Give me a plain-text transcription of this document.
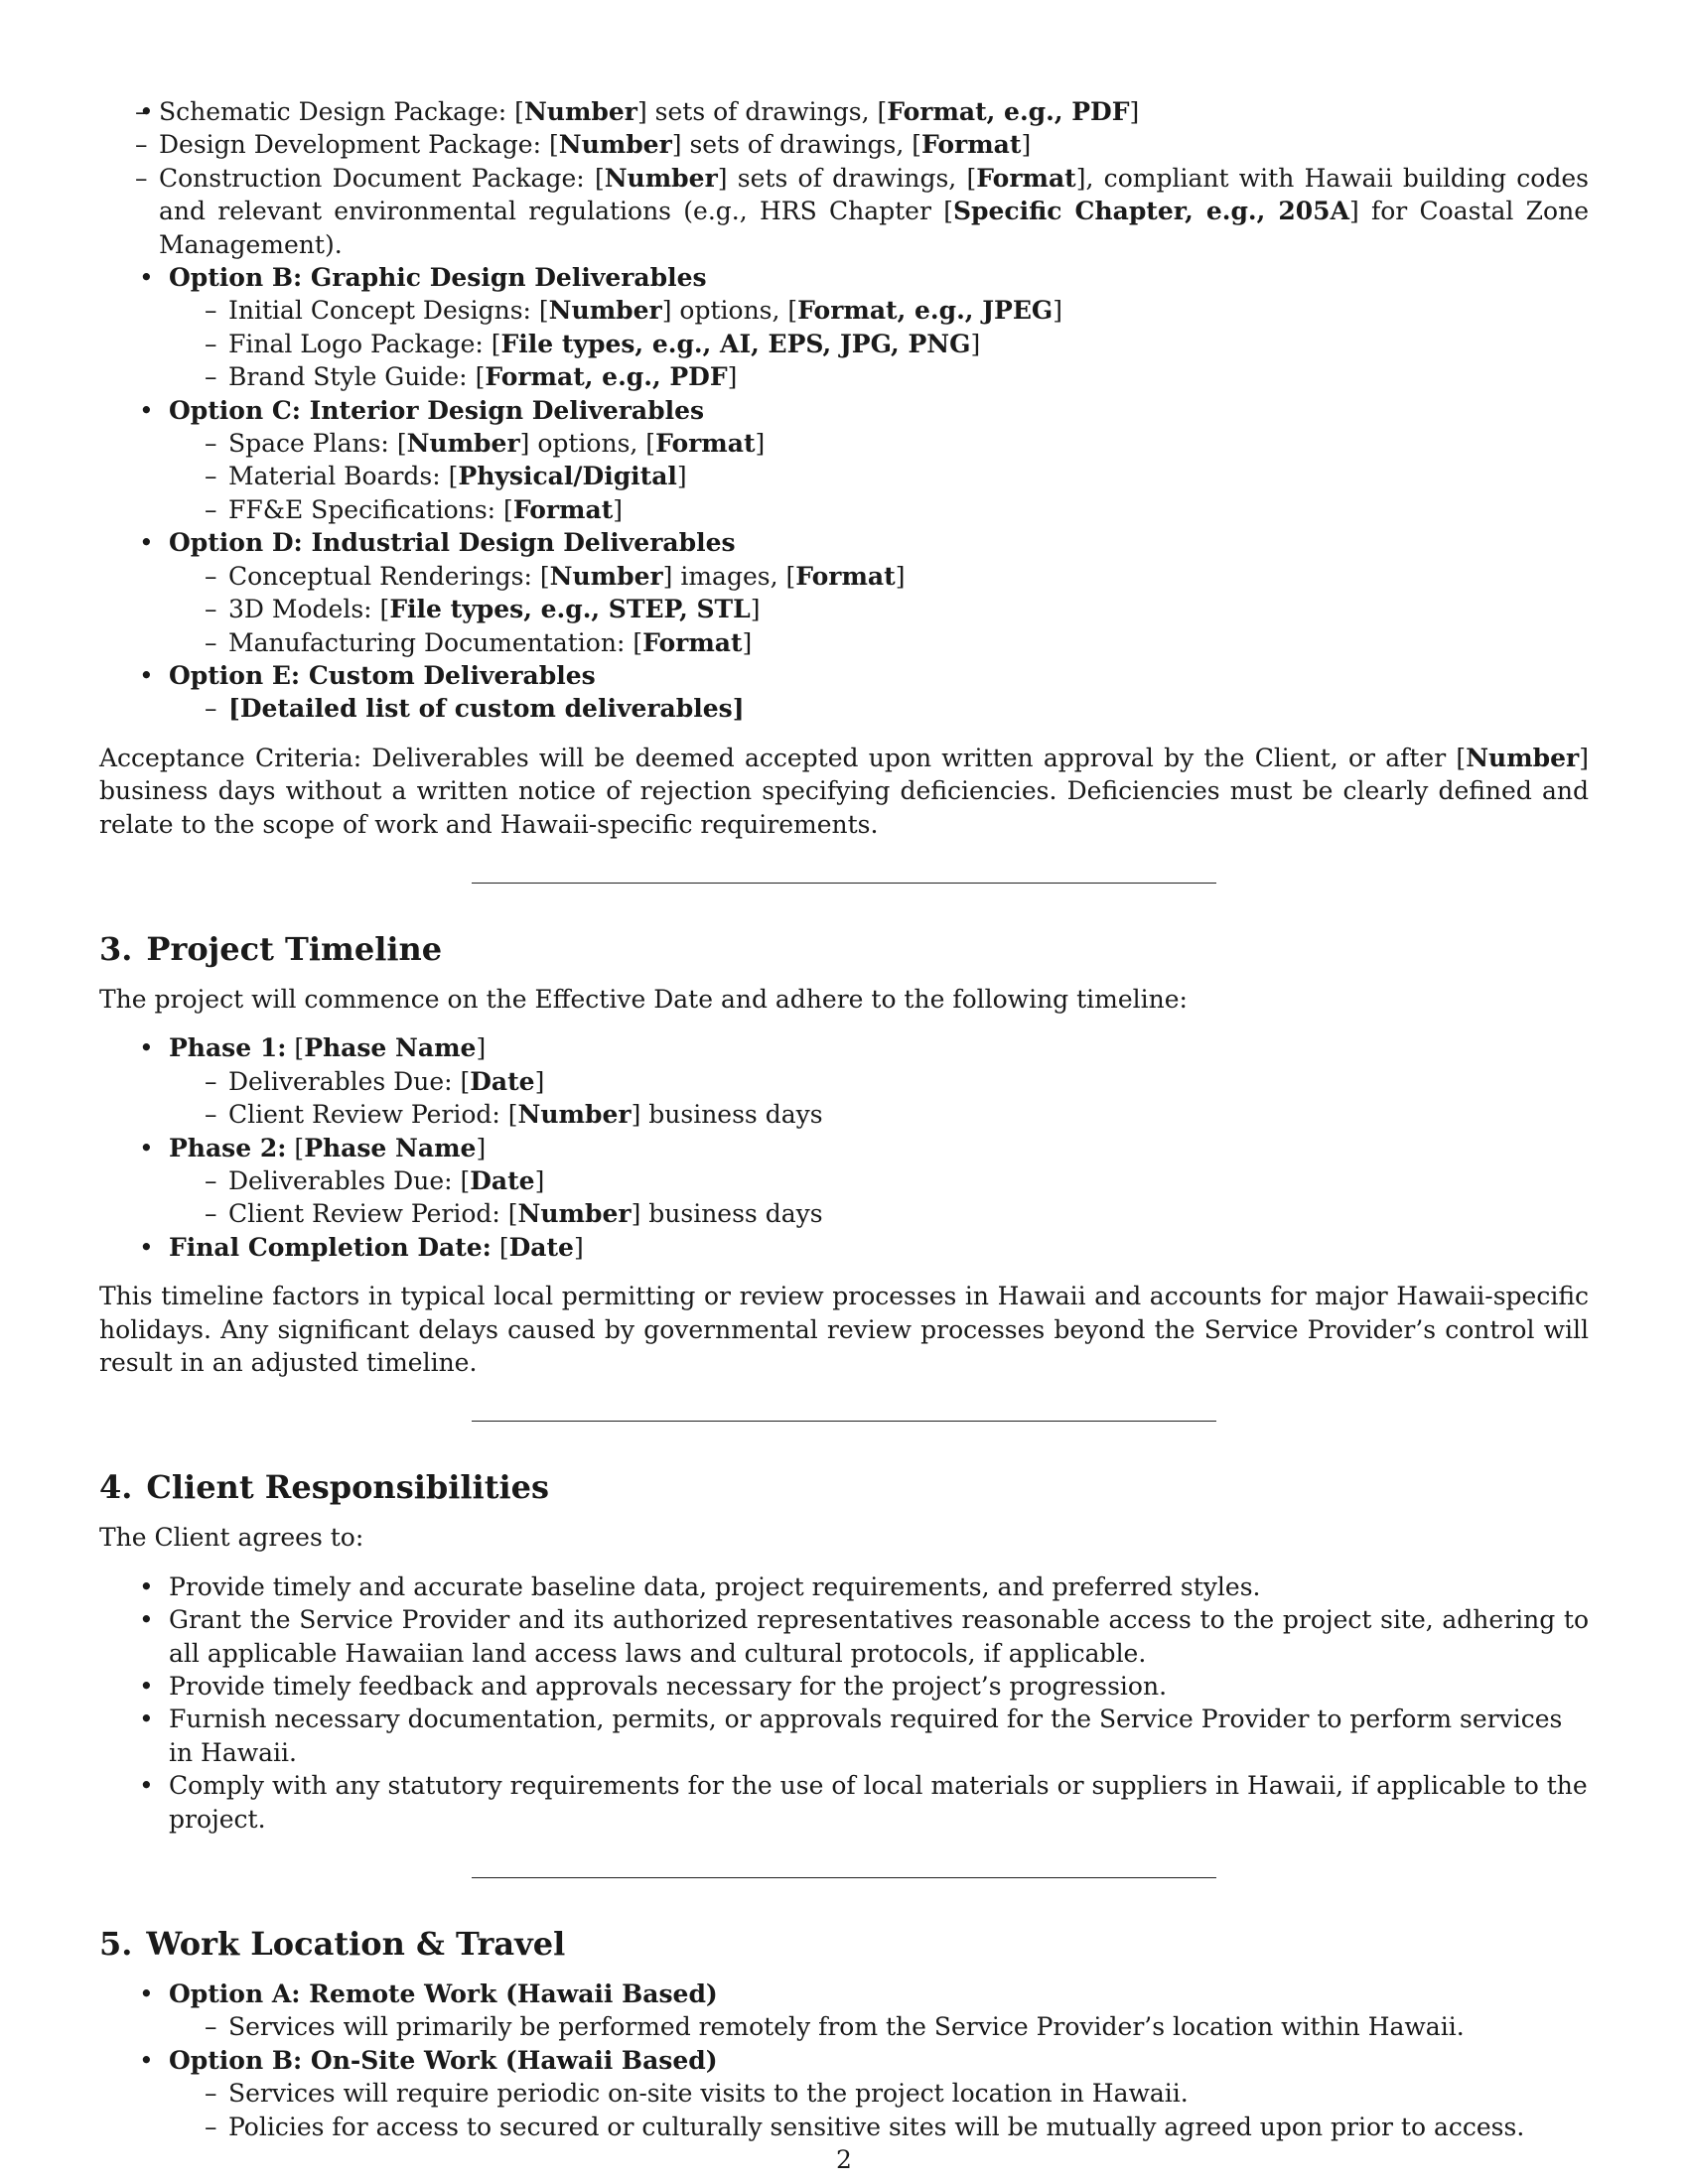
– • Schematic Design Package: [Number] sets of drawings, [Format, e.g., PDF]
– Design Development Package: [Number] sets of drawings, [Format]
– Construction Document Package: [Number] sets of drawings, [Format], compliant with Hawaii building codes and relevant environmental regulations (e.g., HRS Chapter [Specific Chapter, e.g., 205A] for Coastal Zone Management).
• Option B: Graphic Design Deliverables
– Initial Concept Designs: [Number] options, [Format, e.g., JPEG]
– Final Logo Package: [File types, e.g., AI, EPS, JPG, PNG]
– Brand Style Guide: [Format, e.g., PDF]
• Option C: Interior Design Deliverables
– Space Plans: [Number] options, [Format]
– Material Boards: [Physical/Digital]
– FF&E Specifications: [Format]
• Option D: Industrial Design Deliverables
– Conceptual Renderings: [Number] images, [Format]
– 3D Models: [File types, e.g., STEP, STL]
– Manufacturing Documentation: [Format]
• Option E: Custom Deliverables
– [Detailed list of custom deliverables]

Acceptance Criteria: Deliverables will be deemed accepted upon written approval by the Client, or after [Number] business days without a written notice of rejection specifying deficiencies. Deficiencies must be clearly defined and relate to the scope of work and Hawaii-specific requirements.

3. Project Timeline

The project will commence on the Effective Date and adhere to the following timeline:

• Phase 1: [Phase Name]
– Deliverables Due: [Date]
– Client Review Period: [Number] business days
• Phase 2: [Phase Name]
– Deliverables Due: [Date]
– Client Review Period: [Number] business days
• Final Completion Date: [Date]

This timeline factors in typical local permitting or review processes in Hawaii and accounts for major Hawaii-specific holidays. Any significant delays caused by governmental review processes beyond the Service Provider’s control will result in an adjusted timeline.

4. Client Responsibilities

The Client agrees to:

• Provide timely and accurate baseline data, project requirements, and preferred styles.
• Grant the Service Provider and its authorized representatives reasonable access to the project site, adhering to all applicable Hawaiian land access laws and cultural protocols, if applicable.
• Provide timely feedback and approvals necessary for the project’s progression.
• Furnish necessary documentation, permits, or approvals required for the Service Provider to perform services in Hawaii.
• Comply with any statutory requirements for the use of local materials or suppliers in Hawaii, if applicable to the project.
5. Work Location & Travel
• Option A: Remote Work (Hawaii Based)
– Services will primarily be performed remotely from the Service Provider’s location within Hawaii.
• Option B: On-Site Work (Hawaii Based)
– Services will require periodic on-site visits to the project location in Hawaii.
– Policies for access to secured or culturally sensitive sites will be mutually agreed upon prior to access.
2
